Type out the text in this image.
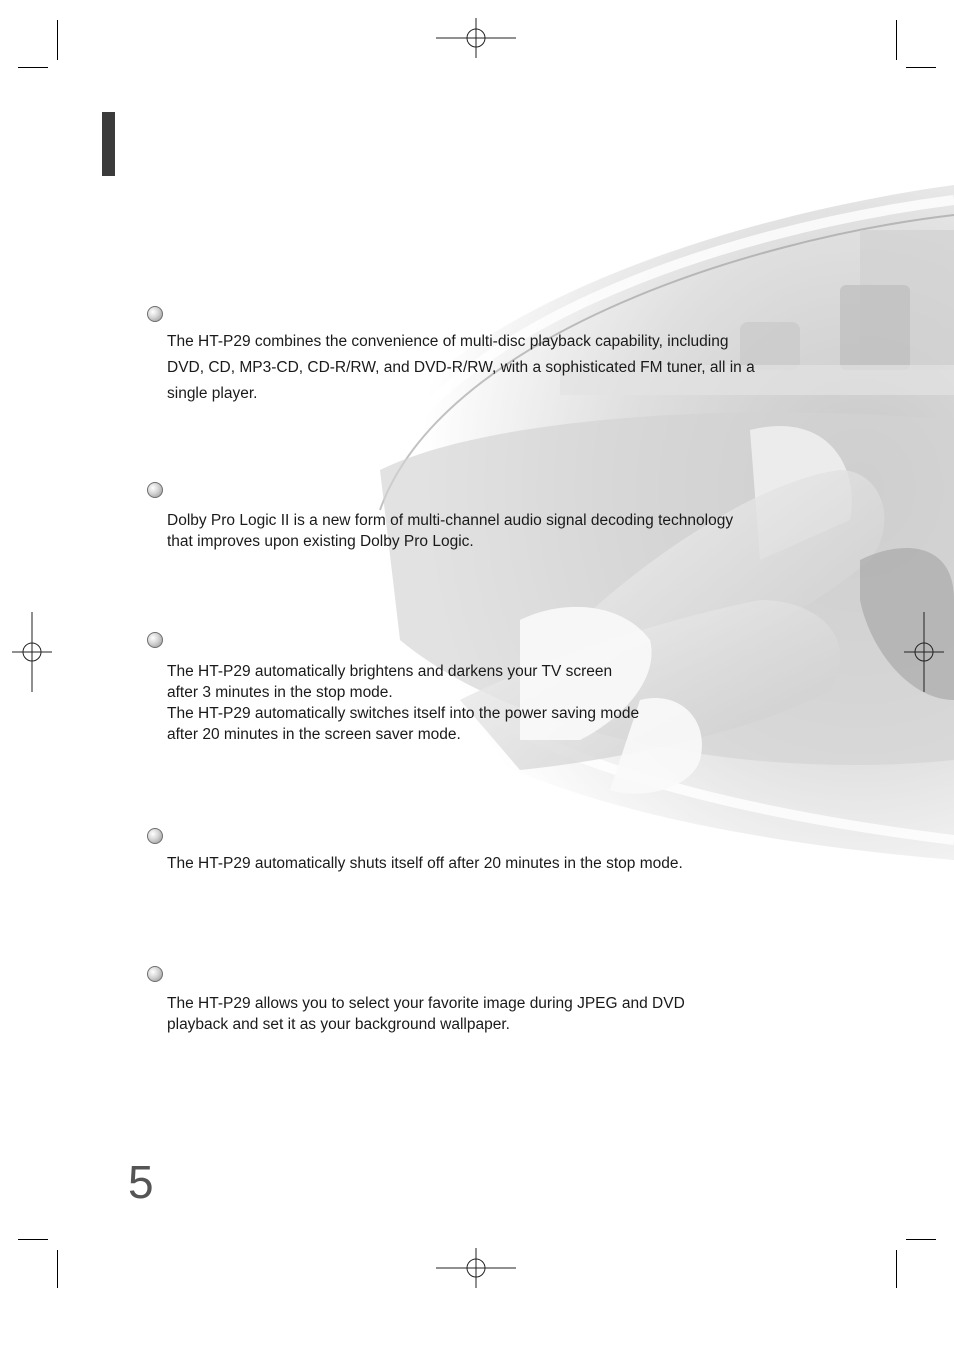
The HT-P29 combines the convenience of multi-disc playback capability, including

DVD, CD, MP3-CD, CD-R/RW, and DVD-R/RW, with a sophisticated FM tuner, all in a

single player.

Dolby Pro Logic II is a new form of multi-channel audio signal decoding technology

that improves upon existing Dolby Pro Logic.

The HT-P29 automatically brightens and darkens your TV screen

after 3 minutes in the stop mode.

The HT-P29 automatically switches itself into the power saving mode

after 20 minutes in the screen saver mode.

The HT-P29 automatically shuts itself off after 20 minutes in the stop mode.

The HT-P29 allows you to select your favorite image during JPEG and DVD

playback and set it as your background wallpaper.

5
